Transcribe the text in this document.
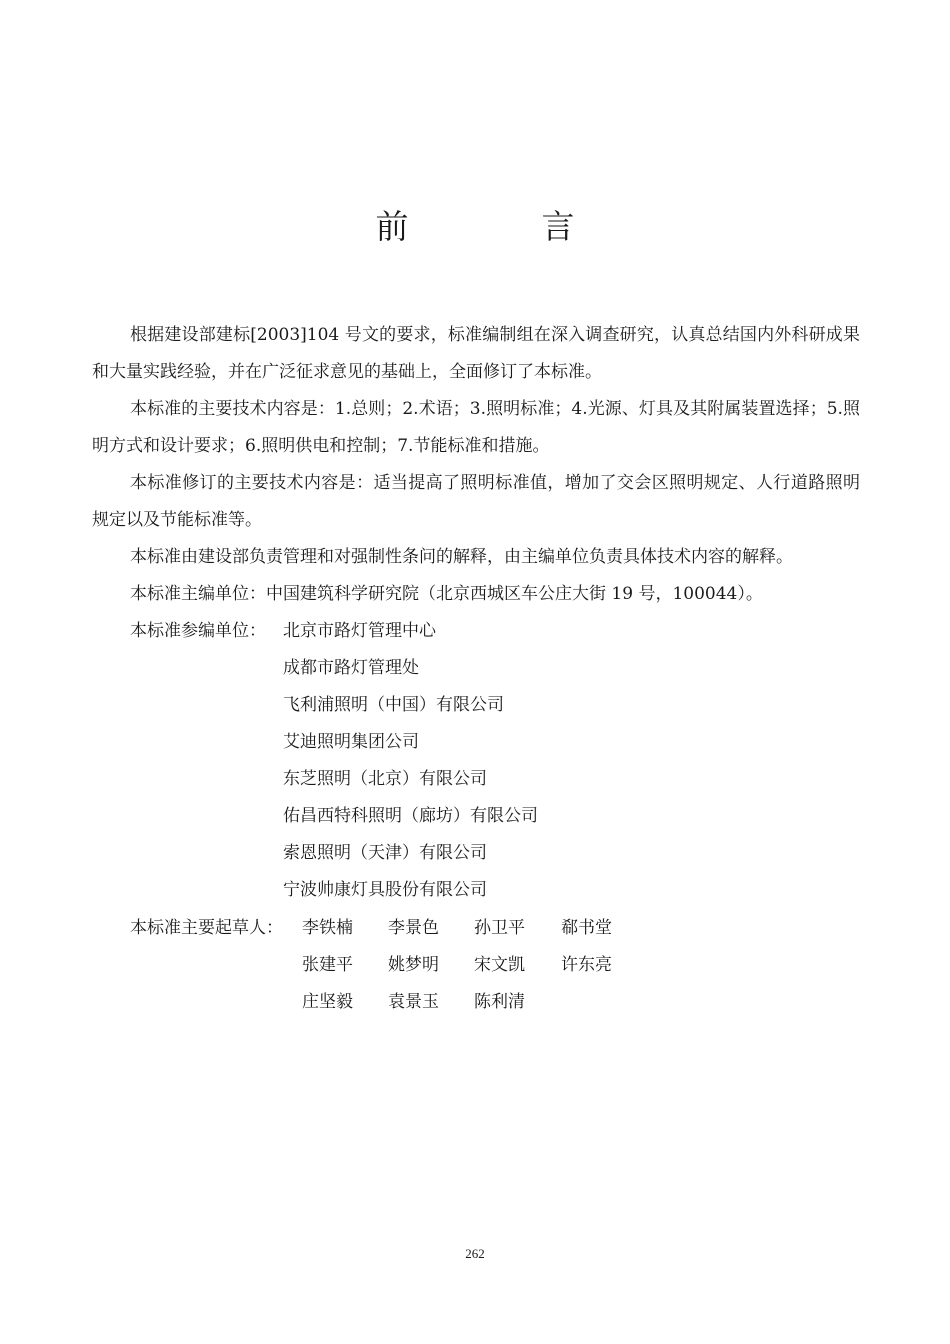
前　言

根据建设部建标[2003]104 号文的要求，标准编制组在深入调查研究，认真总结国内外科研成果和大量实践经验，并在广泛征求意见的基础上，全面修订了本标准。

本标准的主要技术内容是：1.总则；2.术语；3.照明标准；4.光源、灯具及其附属装置选择；5.照明方式和设计要求；6.照明供电和控制；7.节能标准和措施。

本标准修订的主要技术内容是：适当提高了照明标准值，增加了交会区照明规定、人行道路照明规定以及节能标准等。

本标准由建设部负责管理和对强制性条问的解释，由主编单位负责具体技术内容的解释。

本标准主编单位：中国建筑科学研究院（北京西城区车公庄大街 19 号，100044）。

本标准参编单位： 北京市路灯管理中心
成都市路灯管理处
飞利浦照明（中国）有限公司
艾迪照明集团公司
东芝照明（北京）有限公司
佑昌西特科照明（廊坊）有限公司
索恩照明（天津）有限公司
宁波帅康灯具股份有限公司
本标准主要起草人： 李铁楠 李景色 孙卫平 郗书堂
张建平 姚梦明 宋文凯 许东亮
庄坚毅 袁景玉 陈利清
262
